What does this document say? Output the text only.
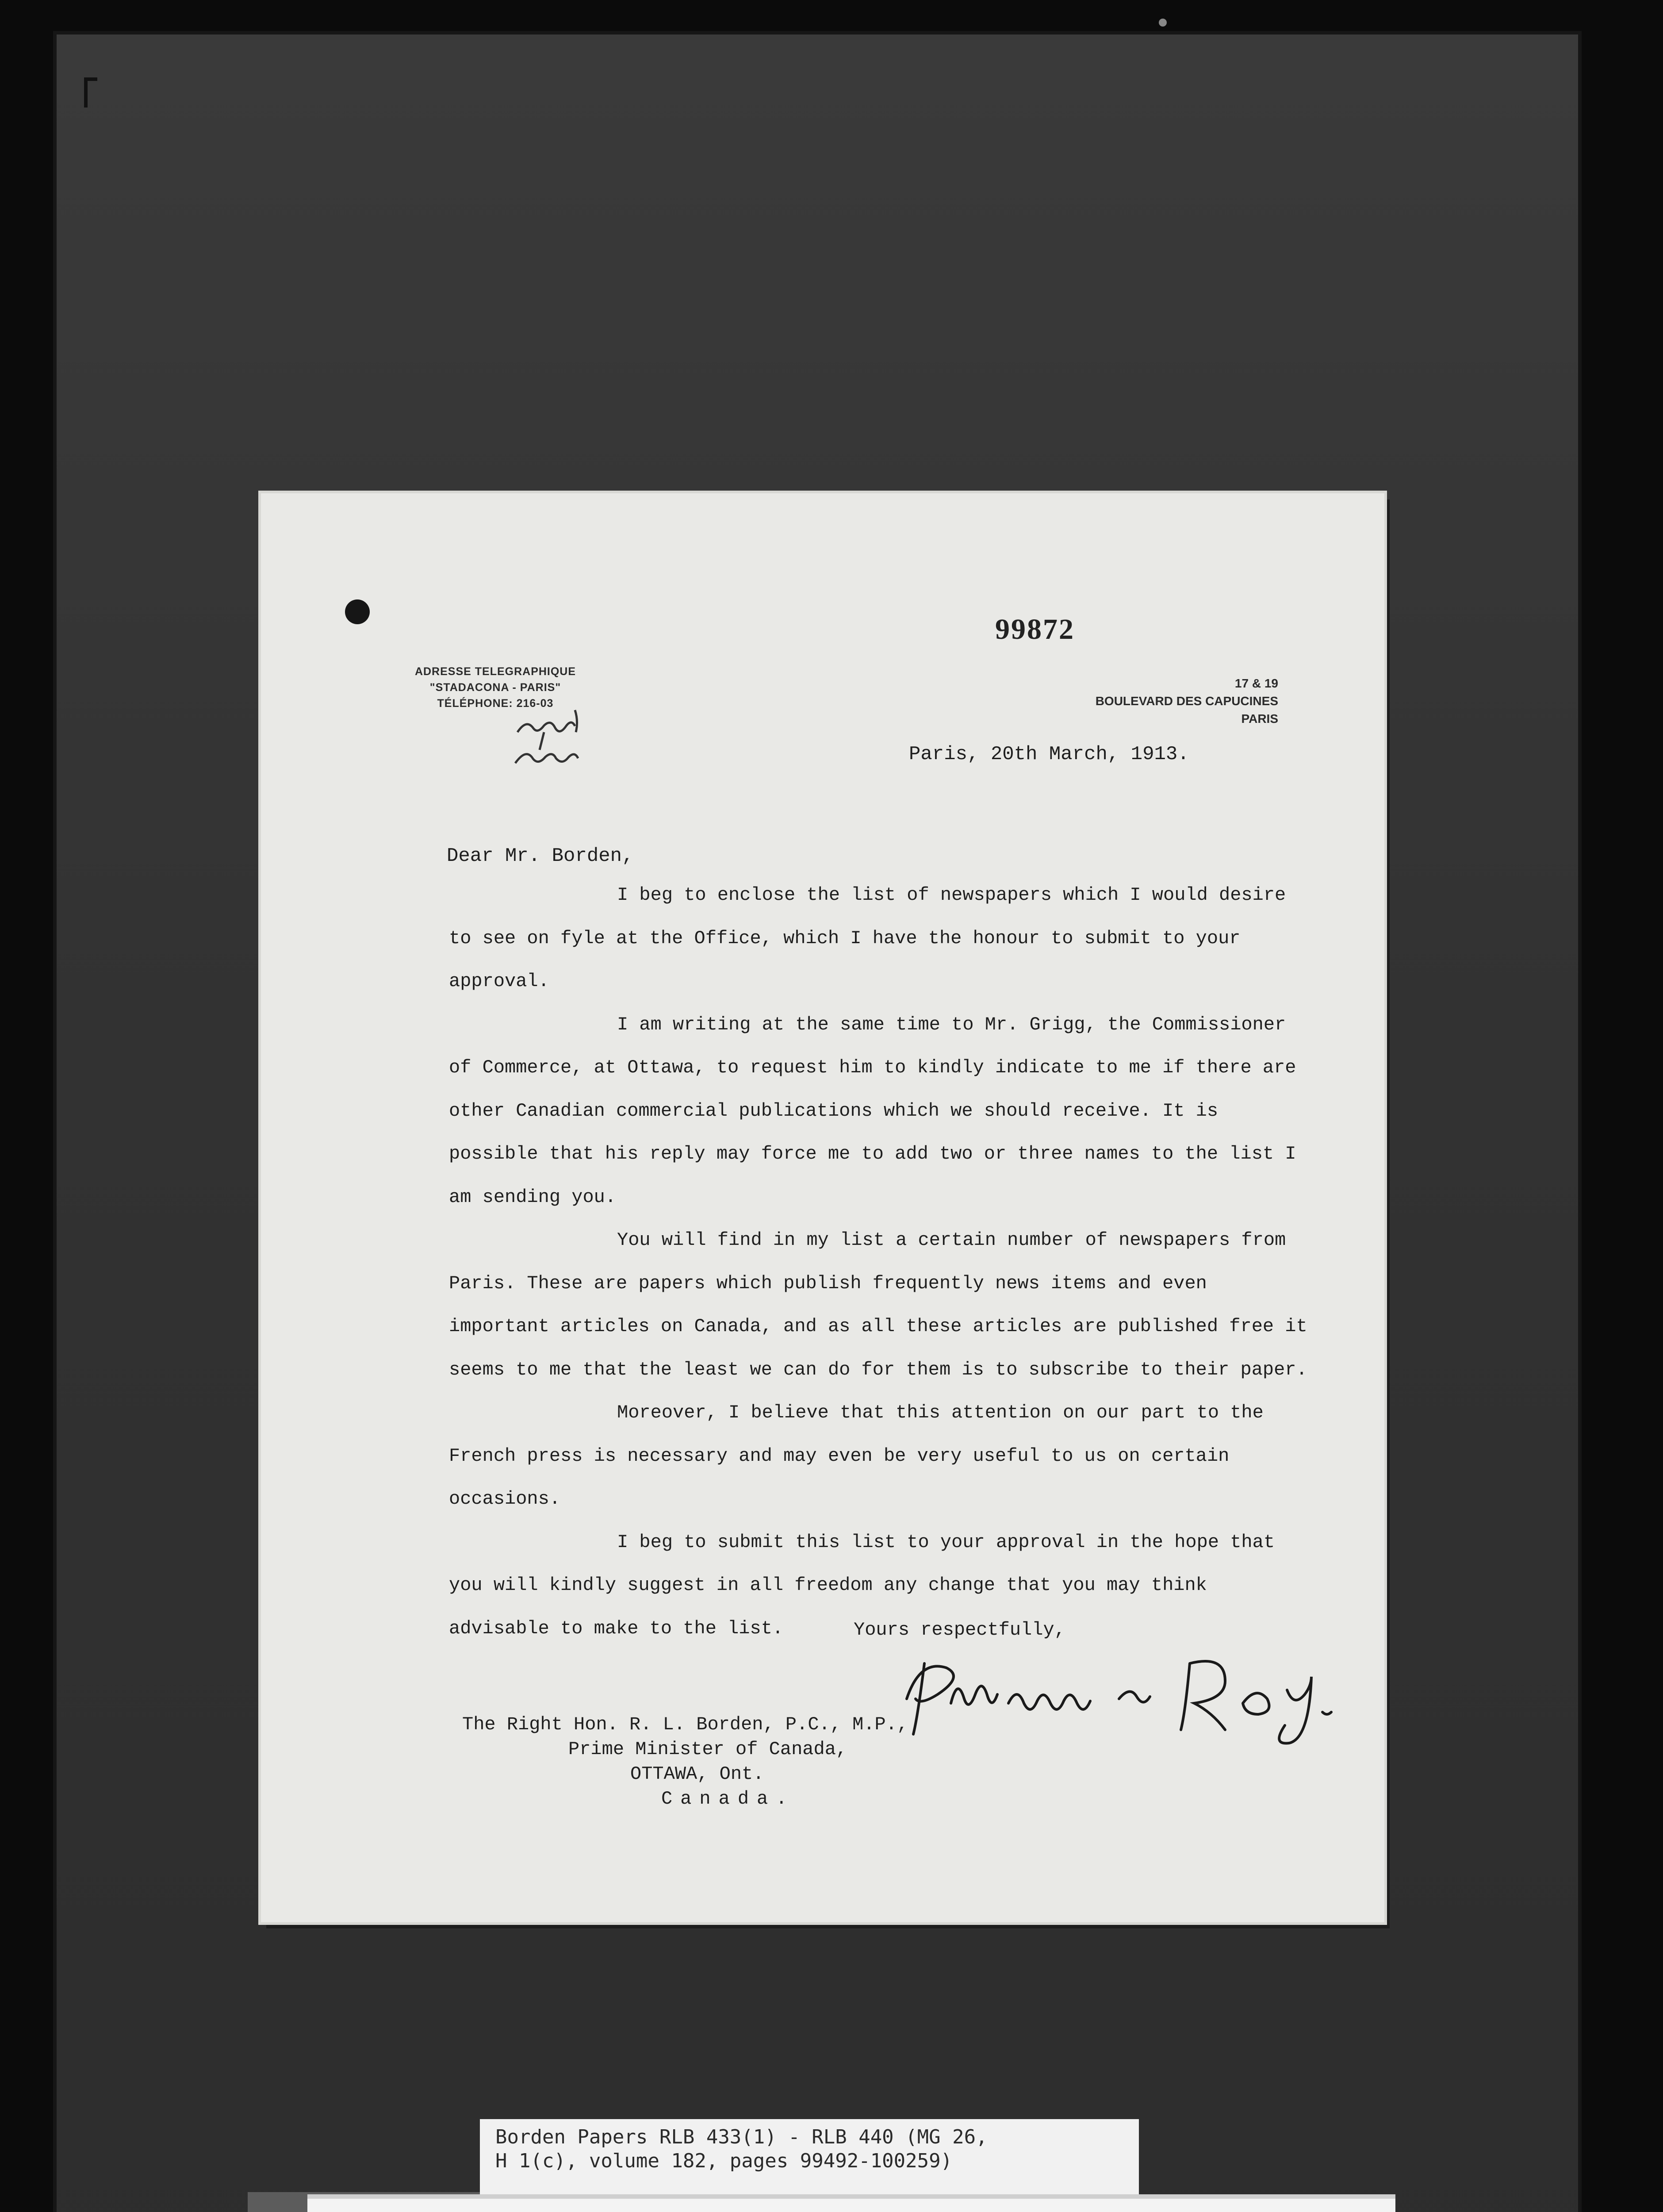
ADRESSE TELEGRAPHIQUE
"STADACONA - PARIS"
TÉLÉPHONE: 216-03
99872
17 & 19
BOULEVARD DES CAPUCINES
PARIS
Paris, 20th March, 1913.
Dear Mr. Borden,

I beg to enclose the list of newspapers which I would desire to see on fyle at the Office, which I have the honour to submit to your approval.

I am writing at the same time to Mr. Grigg, the Commissioner of Commerce, at Ottawa, to request him to kindly indicate to me if there are other Canadian commercial publications which we should receive. It is possible that his reply may force me to add two or three names to the list I am sending you.

You will find in my list a certain number of newspapers from Paris. These are papers which publish frequently news items and even important articles on Canada, and as all these articles are published free it seems to me that the least we can do for them is to subscribe to their paper.

Moreover, I believe that this attention on our part to the French press is necessary and may even be very useful to us on certain occasions.

I beg to submit this list to your approval in the hope that you will kindly suggest in all freedom any change that you may think advisable to make to the list.	Yours respectfully,
The Right Hon. R. L. Borden, P.C., M.P.,
Prime Minister of Canada,
OTTAWA, Ont.
Canada.
Borden Papers RLB 433(1) - RLB 440 (MG 26,
H 1(c), volume 182, pages 99492-100259)
